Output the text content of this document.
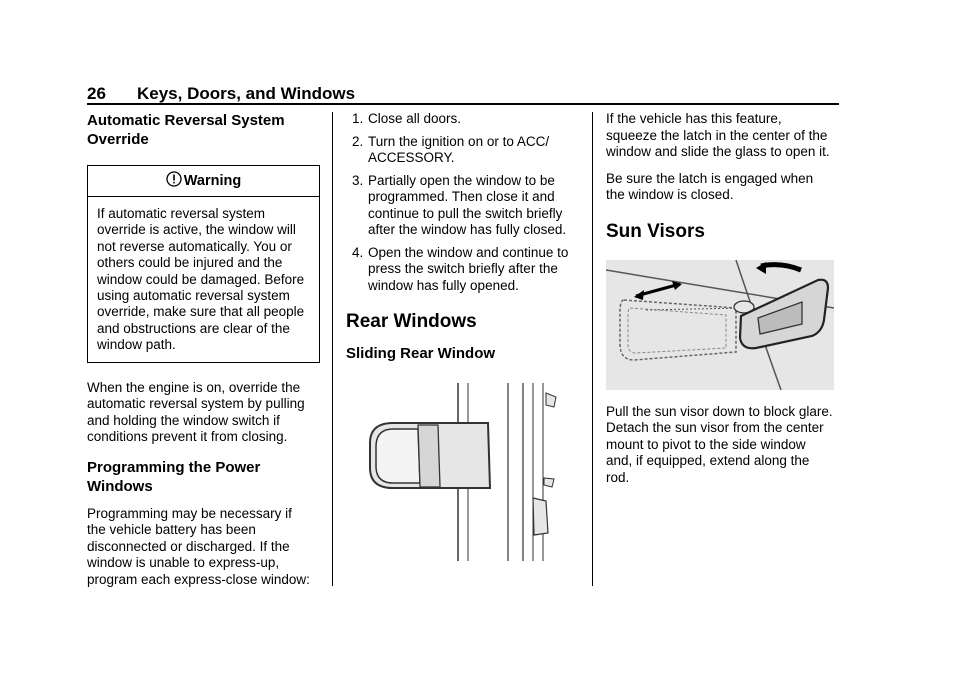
26 Keys, Doors, and Windows
Automatic Reversal System Override
Warning

If automatic reversal system override is active, the window will not reverse automatically. You or others could be injured and the window could be damaged. Before using automatic reversal system override, make sure that all people and obstructions are clear of the window path.

When the engine is on, override the automatic reversal system by pulling and holding the window switch if conditions prevent it from closing.

Programming the Power Windows

Programming may be necessary if the vehicle battery has been disconnected or discharged. If the window is unable to express-up, program each express-close window:

1. Close all doors.
2. Turn the ignition on or to ACC/ ACCESSORY.
3. Partially open the window to be programmed. Then close it and continue to pull the switch briefly after the window has fully closed.
4. Open the window and continue to press the switch briefly after the window has fully opened.
Rear Windows
Sliding Rear Window

If the vehicle has this feature, squeeze the latch in the center of the window and slide the glass to open it.

Be sure the latch is engaged when the window is closed.

Sun Visors

Pull the sun visor down to block glare. Detach the sun visor from the center mount to pivot to the side window and, if equipped, extend along the rod.
